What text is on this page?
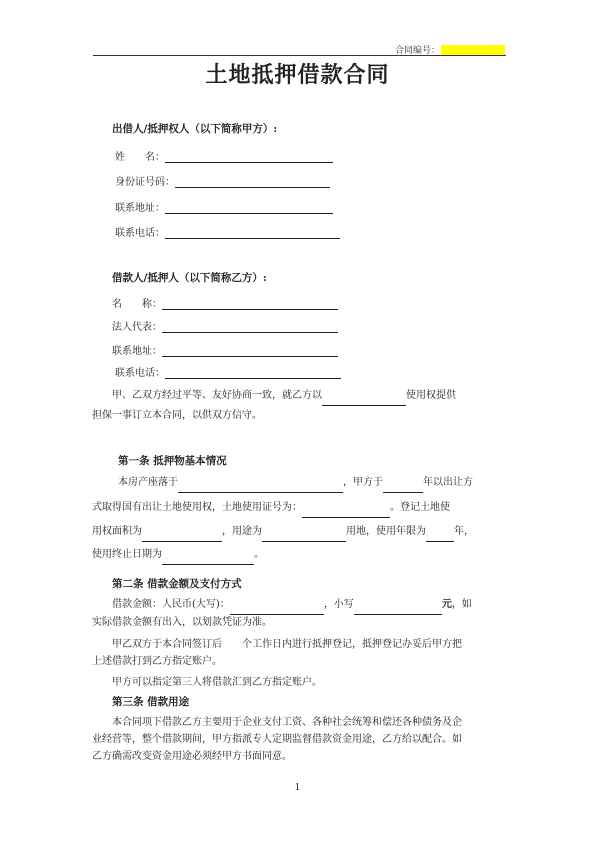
合同编号：
土地抵押借款合同
出借人/抵押权人（以下简称甲方）:
姓　　名：
身份证号码：
联系地址：
联系电话：
借款人/抵押人（以下简称乙方）:
名　　称：
法人代表：
联系地址：
联系电话：
甲、乙双方经过平等、友好协商一致，就乙方以	使用权提供
担保一事订立本合同，以供双方信守。
第一条 抵押物基本情况
本房产座落于	，甲方于	年以出让方
式取得国有出让土地使用权，土地使用证号为：	。登记土地使
用权面积为	，用途为	用地，使用年限为	年，
使用终止日期为	。
第二条 借款金额及支付方式
借款金额：人民币(大写)：	，小写	元，如
实际借款金额有出入，以划款凭证为准。
甲乙双方于本合同签订后　　个工作日内进行抵押登记，抵押登记办妥后甲方把
上述借款打到乙方指定账户。
甲方可以指定第三人将借款汇到乙方指定账户。
第三条 借款用途
本合同项下借款乙方主要用于企业支付工资、各种社会统筹和偿还各种债务及企
业经营等，整个借款期间，甲方指派专人定期监督借款资金用途，乙方给以配合。如
乙方确需改变资金用途必须经甲方书面同意。
1
